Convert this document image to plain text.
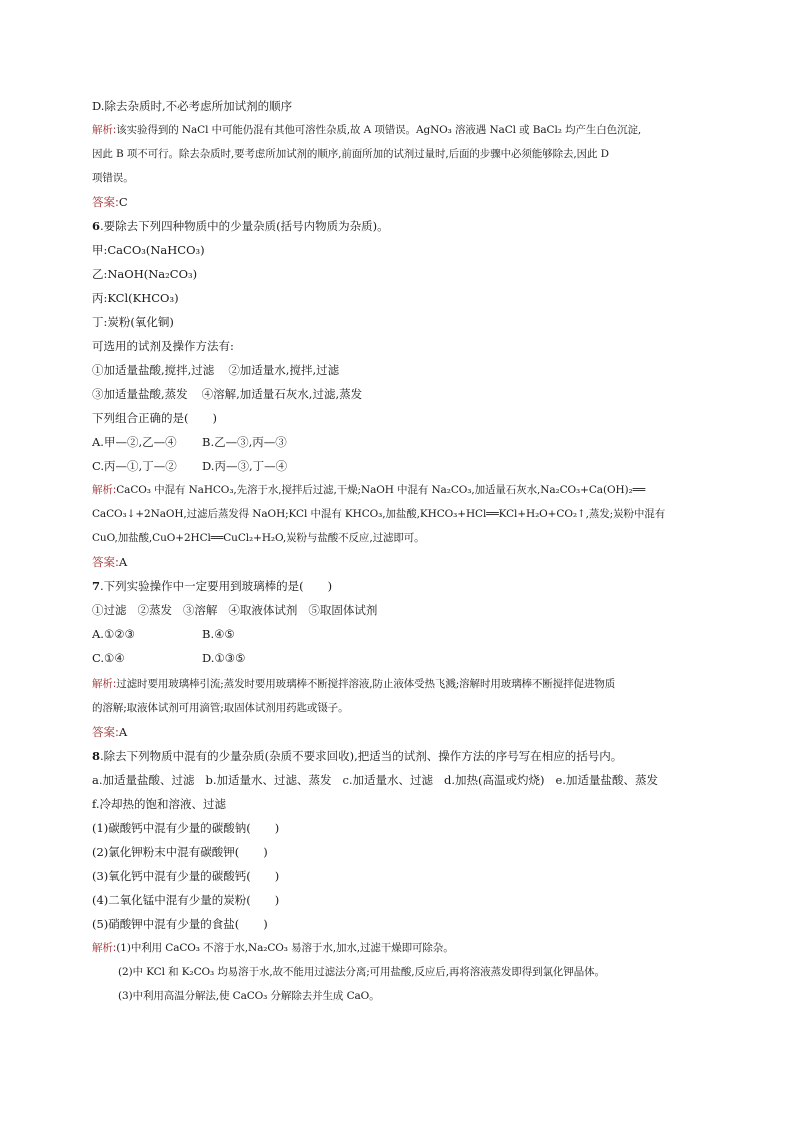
D.除去杂质时,不必考虑所加试剂的顺序
解析:该实验得到的 NaCl 中可能仍混有其他可溶性杂质,故 A 项错误。AgNO₃ 溶液遇 NaCl 或 BaCl₂ 均产生白色沉淀,
因此 B 项不可行。除去杂质时,要考虑所加试剂的顺序,前面所加的试剂过量时,后面的步骤中必须能够除去,因此 D
项错误。
答案:C
6.要除去下列四种物质中的少量杂质(括号内物质为杂质)。
甲:CaCO₃(NaHCO₃)
乙:NaOH(Na₂CO₃)
丙:KCl(KHCO₃)
丁:炭粉(氧化铜)
可选用的试剂及操作方法有:
①加适量盐酸,搅拌,过滤 ②加适量水,搅拌,过滤
③加适量盐酸,蒸发 ④溶解,加适量石灰水,过滤,蒸发
下列组合正确的是( )
A.甲—②,乙—④ B.乙—③,丙—③
C.丙—①,丁—② D.丙—③,丁—④
解析:CaCO₃ 中混有 NaHCO₃,先溶于水,搅拌后过滤,干燥;NaOH 中混有 Na₂CO₃,加适量石灰水,Na₂CO₃+Ca(OH)₂══
CaCO₃↓+2NaOH,过滤后蒸发得 NaOH;KCl 中混有 KHCO₃,加盐酸,KHCO₃+HCl══KCl+H₂O+CO₂↑,蒸发;炭粉中混有
CuO,加盐酸,CuO+2HCl══CuCl₂+H₂O,炭粉与盐酸不反应,过滤即可。
答案:A
7.下列实验操作中一定要用到玻璃棒的是( )
①过滤   ②蒸发   ③溶解   ④取液体试剂   ⑤取固体试剂
A.①②③	B.④⑤
C.①④	D.①③⑤
解析:过滤时要用玻璃棒引流;蒸发时要用玻璃棒不断搅拌溶液,防止液体受热飞溅;溶解时用玻璃棒不断搅拌促进物质
的溶解;取液体试剂可用滴管;取固体试剂用药匙或镊子。
答案:A
8.除去下列物质中混有的少量杂质(杂质不要求回收),把适当的试剂、操作方法的序号写在相应的括号内。
a.加适量盐酸、过滤   b.加适量水、过滤、蒸发   c.加适量水、过滤   d.加热(高温或灼烧)   e.加适量盐酸、蒸发
f.冷却热的饱和溶液、过滤
(1)碳酸钙中混有少量的碳酸钠( )
(2)氯化钾粉末中混有碳酸钾( )
(3)氧化钙中混有少量的碳酸钙( )
(4)二氧化锰中混有少量的炭粉( )
(5)硝酸钾中混有少量的食盐( )
解析:(1)中利用 CaCO₃ 不溶于水,Na₂CO₃ 易溶于水,加水,过滤干燥即可除杂。
(2)中 KCl 和 K₂CO₃ 均易溶于水,故不能用过滤法分离;可用盐酸,反应后,再将溶液蒸发即得到氯化钾晶体。
(3)中利用高温分解法,使 CaCO₃ 分解除去并生成 CaO。
